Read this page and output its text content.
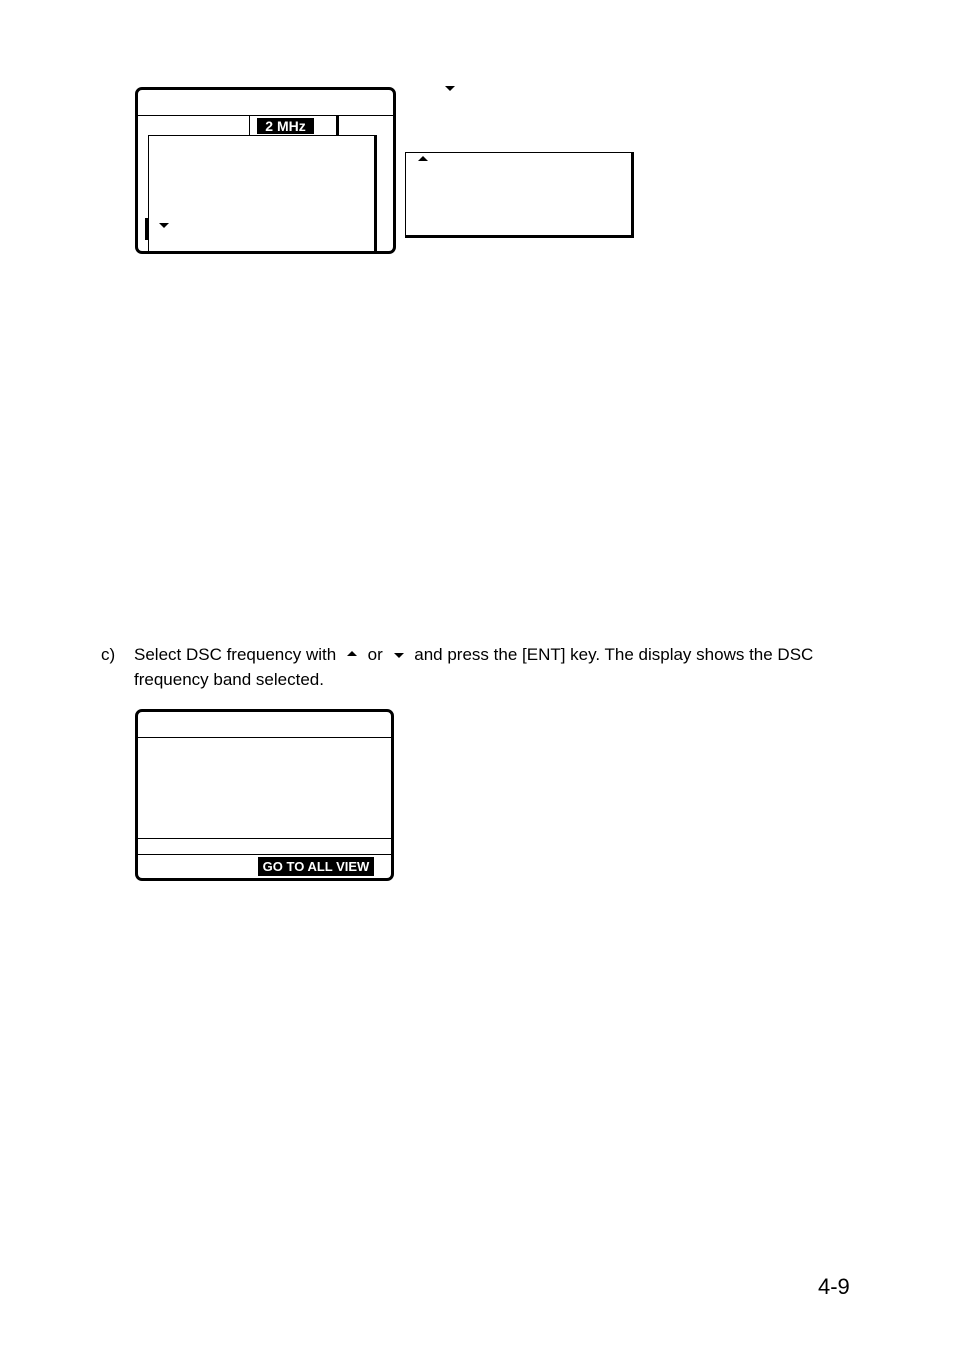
2 MHz
c) Select DSC frequency with or and press the [ENT] key. The display shows the DSC
frequency band selected.
GO TO ALL VIEW
4-9
